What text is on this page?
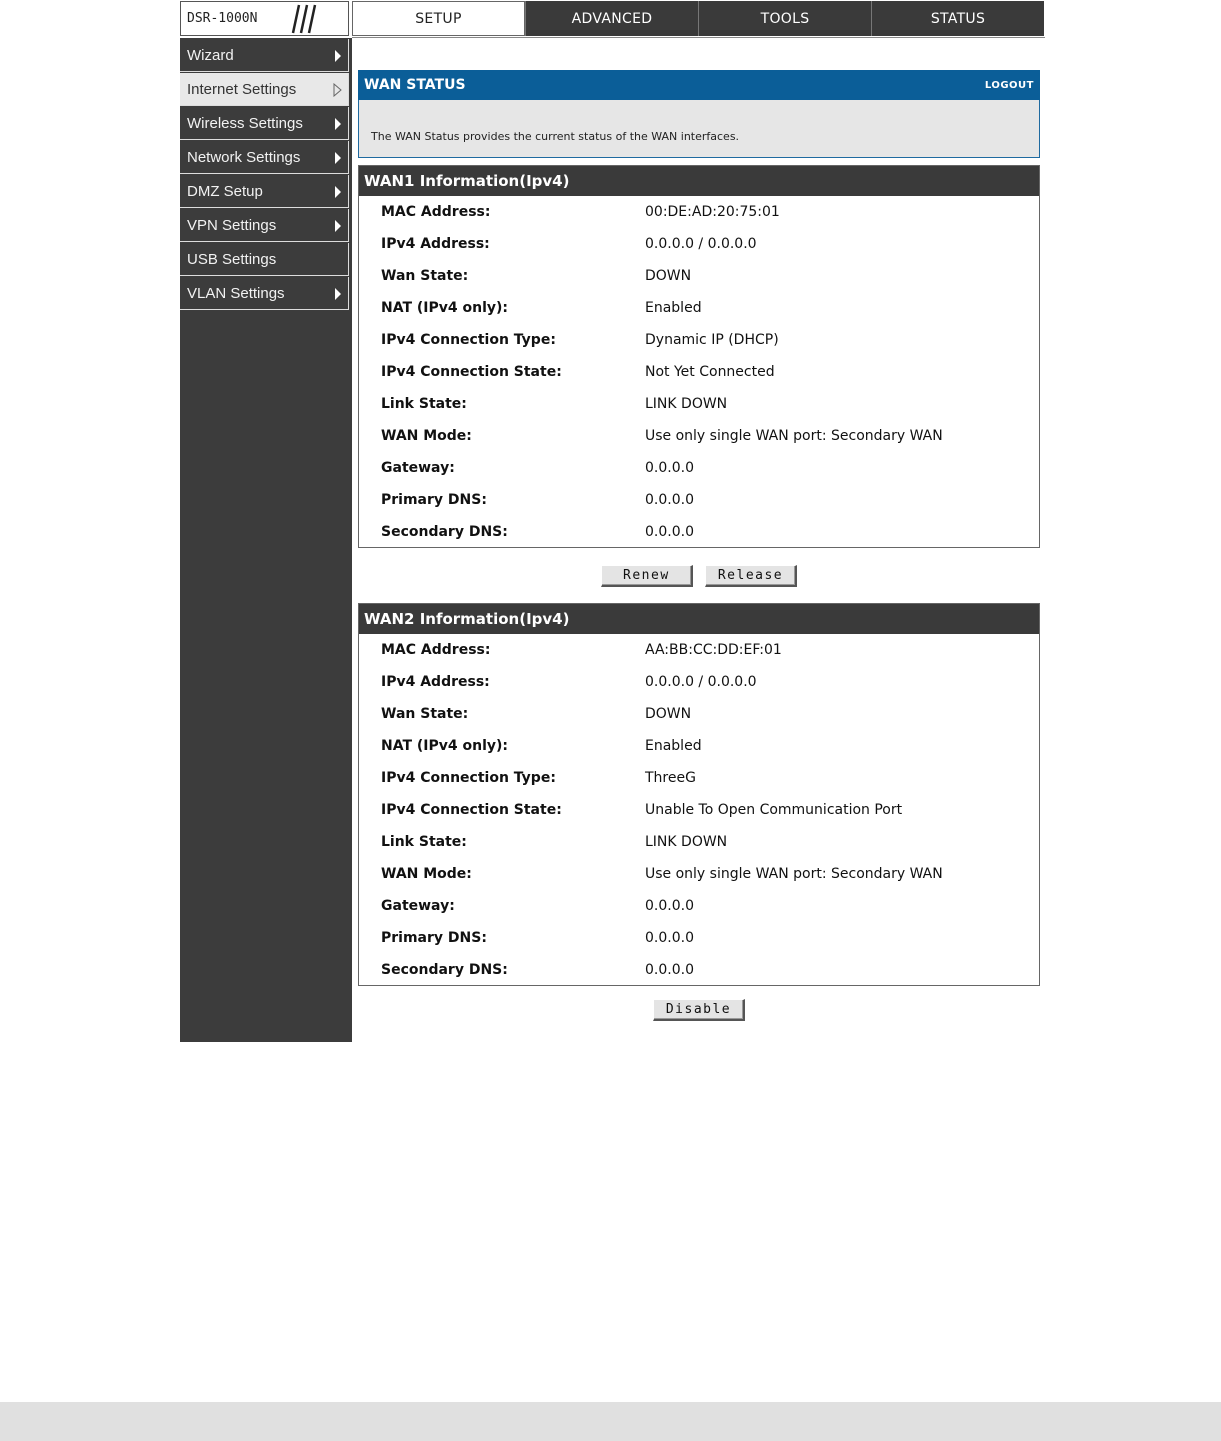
DSR-1000N	SETUP	ADVANCED	TOOLS	STATUS
Wizard
Internet Settings
Wireless Settings
Network Settings
DMZ Setup
VPN Settings
USB Settings
VLAN Settings
WAN STATUS	LOGOUT
The WAN Status provides the current status of the WAN interfaces.
WAN1 Information(Ipv4)
MAC Address:	00:DE:AD:20:75:01
IPv4 Address:	0.0.0.0 / 0.0.0.0
Wan State:	DOWN
NAT (IPv4 only):	Enabled
IPv4 Connection Type:	Dynamic IP (DHCP)
IPv4 Connection State:	Not Yet Connected
Link State:	LINK DOWN
WAN Mode:	Use only single WAN port: Secondary WAN
Gateway:	0.0.0.0
Primary DNS:	0.0.0.0
Secondary DNS:	0.0.0.0
Renew	Release
WAN2 Information(Ipv4)
MAC Address:	AA:BB:CC:DD:EF:01
IPv4 Address:	0.0.0.0 / 0.0.0.0
Wan State:	DOWN
NAT (IPv4 only):	Enabled
IPv4 Connection Type:	ThreeG
IPv4 Connection State:	Unable To Open Communication Port
Link State:	LINK DOWN
WAN Mode:	Use only single WAN port: Secondary WAN
Gateway:	0.0.0.0
Primary DNS:	0.0.0.0
Secondary DNS:	0.0.0.0
Disable
